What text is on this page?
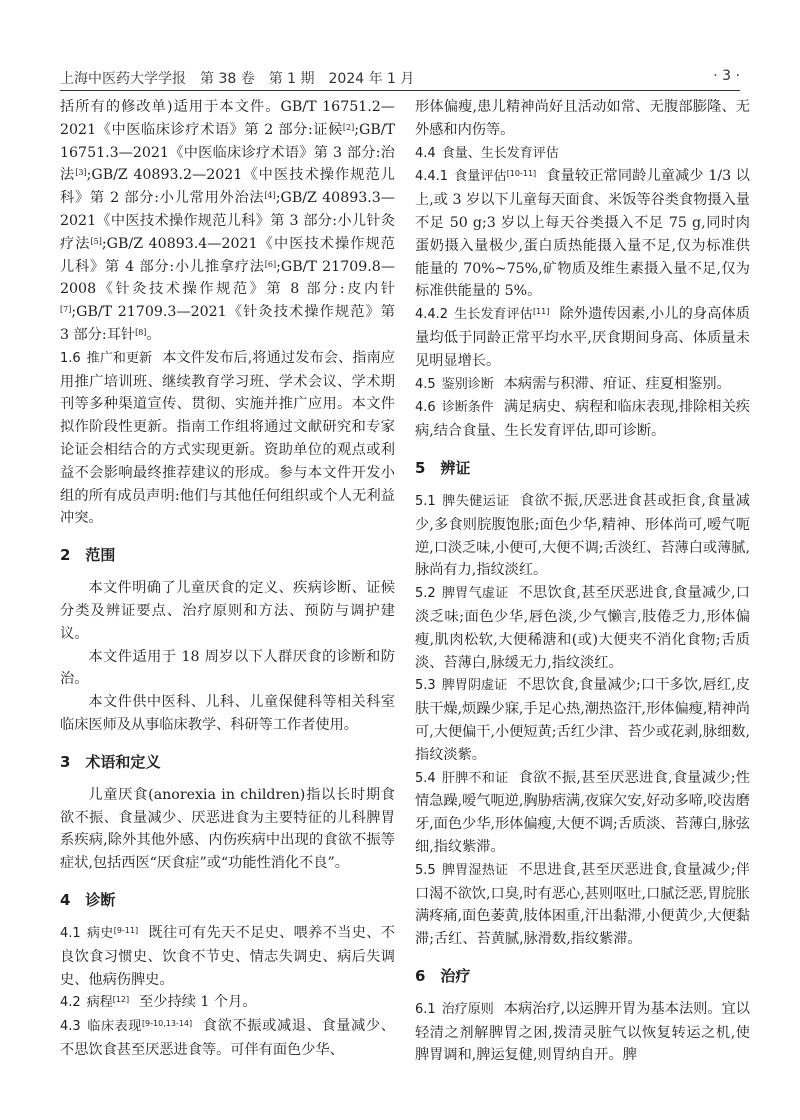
上海中医药大学学报　第 38 卷　第 1 期　2024 年 1 月	· 3 ·

括所有的修改单)适用于本文件。GB/T 16751.2—2021《中医临床诊疗术语》第 2 部分:证候[2];GB/T 16751.3—2021《中医临床诊疗术语》第 3 部分:治法[3];GB/Z 40893.2—2021《中医技术操作规范儿科》第 2 部分:小儿常用外治法[4];GB/Z 40893.3—2021《中医技术操作规范儿科》第 3 部分:小儿针灸疗法[5];GB/Z 40893.4—2021《中医技术操作规范儿科》第 4 部分:小儿推拿疗法[6];GB/T 21709.8—2008《针灸技术操作规范》第 8 部分:皮内针[7];GB/T 21709.3—2021《针灸技术操作规范》第 3 部分:耳针[8]。

1.6 推广和更新 本文件发布后,将通过发布会、指南应用推广培训班、继续教育学习班、学术会议、学术期刊等多种渠道宣传、贯彻、实施并推广应用。本文件拟作阶段性更新。指南工作组将通过文献研究和专家论证会相结合的方式实现更新。资助单位的观点或利益不会影响最终推荐建议的形成。参与本文件开发小组的所有成员声明:他们与其他任何组织或个人无利益冲突。

2　范围

本文件明确了儿童厌食的定义、疾病诊断、证候分类及辨证要点、治疗原则和方法、预防与调护建议。

本文件适用于 18 周岁以下人群厌食的诊断和防治。

本文件供中医科、儿科、儿童保健科等相关科室临床医师及从事临床教学、科研等工作者使用。

3　术语和定义

儿童厌食(anorexia in children)指以长时期食欲不振、食量减少、厌恶进食为主要特征的儿科脾胃系疾病,除外其他外感、内伤疾病中出现的食欲不振等症状,包括西医“厌食症”或“功能性消化不良”。

4　诊断

4.1 病史[9-11] 既往可有先天不足史、喂养不当史、不良饮食习惯史、饮食不节史、情志失调史、病后失调史、他病伤脾史。

4.2 病程[12] 至少持续 1 个月。

4.3 临床表现[9-10,13-14] 食欲不振或减退、食量减少、不思饮食甚至厌恶进食等。可伴有面色少华、

形体偏瘦,患儿精神尚好且活动如常、无腹部膨隆、无外感和内伤等。

4.4 食量、生长发育评估

4.4.1 食量评估[10-11] 食量较正常同龄儿童减少 1/3 以上,或 3 岁以下儿童每天面食、米饭等谷类食物摄入量不足 50 g;3 岁以上每天谷类摄入不足 75 g,同时肉蛋奶摄入量极少,蛋白质热能摄入量不足,仅为标准供能量的 70%~75%,矿物质及维生素摄入量不足,仅为标准供能量的 5%。

4.4.2 生长发育评估[11] 除外遗传因素,小儿的身高体质量均低于同龄正常平均水平,厌食期间身高、体质量未见明显增长。

4.5 鉴别诊断 本病需与积滞、疳证、疰夏相鉴别。

4.6 诊断条件 满足病史、病程和临床表现,排除相关疾病,结合食量、生长发育评估,即可诊断。

5　辨证

5.1 脾失健运证 食欲不振,厌恶进食甚或拒食,食量减少,多食则脘腹饱胀;面色少华,精神、形体尚可,嗳气呃逆,口淡乏味,小便可,大便不调;舌淡红、苔薄白或薄腻,脉尚有力,指纹淡红。

5.2 脾胃气虚证 不思饮食,甚至厌恶进食,食量减少,口淡乏味;面色少华,唇色淡,少气懒言,肢倦乏力,形体偏瘦,肌肉松软,大便稀溏和(或)大便夹不消化食物;舌质淡、苔薄白,脉缓无力,指纹淡红。

5.3 脾胃阴虚证 不思饮食,食量减少;口干多饮,唇红,皮肤干燥,烦躁少寐,手足心热,潮热盗汗,形体偏瘦,精神尚可,大便偏干,小便短黄;舌红少津、苔少或花剥,脉细数,指纹淡紫。

5.4 肝脾不和证 食欲不振,甚至厌恶进食,食量减少;性情急躁,嗳气呃逆,胸胁痞满,夜寐欠安,好动多啼,咬齿磨牙,面色少华,形体偏瘦,大便不调;舌质淡、苔薄白,脉弦细,指纹紫滞。

5.5 脾胃湿热证 不思进食,甚至厌恶进食,食量减少;伴口渴不欲饮,口臭,时有恶心,甚则呕吐,口腻泛恶,胃脘胀满疼痛,面色萎黄,肢体困重,汗出黏滞,小便黄少,大便黏滞;舌红、苔黄腻,脉滑数,指纹紫滞。

6　治疗

6.1 治疗原则 本病治疗,以运脾开胃为基本法则。宜以轻清之剂解脾胃之困,拨清灵脏气以恢复转运之机,使脾胃调和,脾运复健,则胃纳自开。脾
